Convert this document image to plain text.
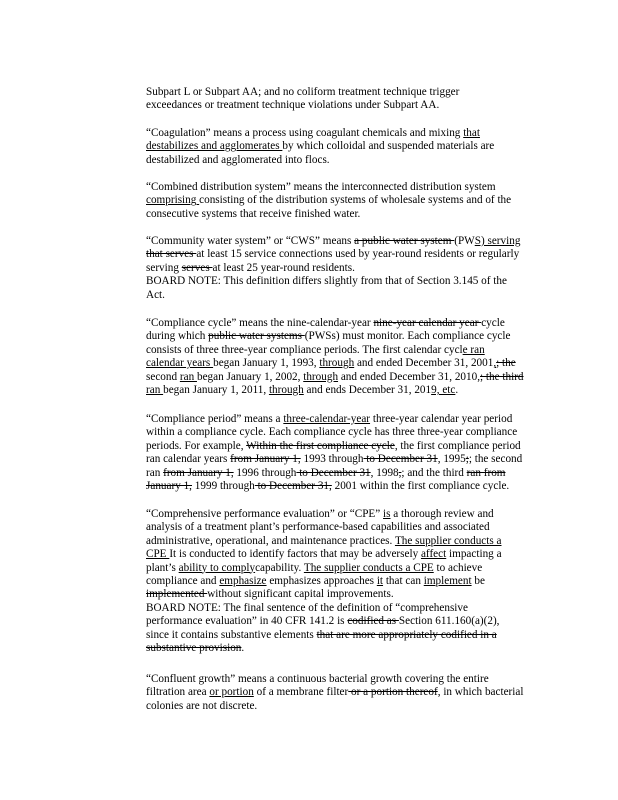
Subpart L or Subpart AA; and no coliform treatment technique trigger
exceedances or treatment technique violations under Subpart AA.
“Coagulation” means a process using coagulant chemicals and mixing that
destabilizes and agglomerates by which colloidal and suspended materials are
destabilized and agglomerated into flocs.
“Combined distribution system” means the interconnected distribution system
comprising consisting of the distribution systems of wholesale systems and of the
consecutive systems that receive finished water.
“Community water system” or “CWS” means a public water system (PWS) serving
that serves at least 15 service connections used by year-round residents or regularly
serving serves at least 25 year-round residents.
BOARD NOTE: This definition differs slightly from that of Section 3.145 of the
Act.
“Compliance cycle” means the nine-calendar-year nine-year calendar year cycle
during which public water systems (PWSs) must monitor. Each compliance cycle
consists of three three-year compliance periods. The first calendar cycle ran
calendar years began January 1, 1993, through and ended December 31, 2001,; the
second ran began January 1, 2002, through and ended December 31, 2010,; the third
ran began January 1, 2011, through and ends December 31, 2019, etc.
“Compliance period” means a three-calendar-year three-year calendar year period
within a compliance cycle. Each compliance cycle has three three-year compliance
periods. For example, Within the first compliance cycle, the first compliance period
ran calendar years from January 1, 1993 through to December 31, 1995;; the second
ran from January 1, 1996 through to December 31, 1998,; and the third ran from
January 1, 1999 through to December 31, 2001 within the first compliance cycle.
“Comprehensive performance evaluation” or “CPE” is a thorough review and
analysis of a treatment plant’s performance-based capabilities and associated
administrative, operational, and maintenance practices. The supplier conducts a
CPE It is conducted to identify factors that may be adversely affect impacting a
plant’s ability to complycapability. The supplier conducts a CPE to achieve
compliance and emphasize emphasizes approaches it that can implement be
implemented without significant capital improvements.
BOARD NOTE: The final sentence of the definition of “comprehensive
performance evaluation” in 40 CFR 141.2 is codified as Section 611.160(a)(2),
since it contains substantive elements that are more appropriately codified in a
substantive provision.
“Confluent growth” means a continuous bacterial growth covering the entire
filtration area or portion of a membrane filter or a portion thereof, in which bacterial
colonies are not discrete.
